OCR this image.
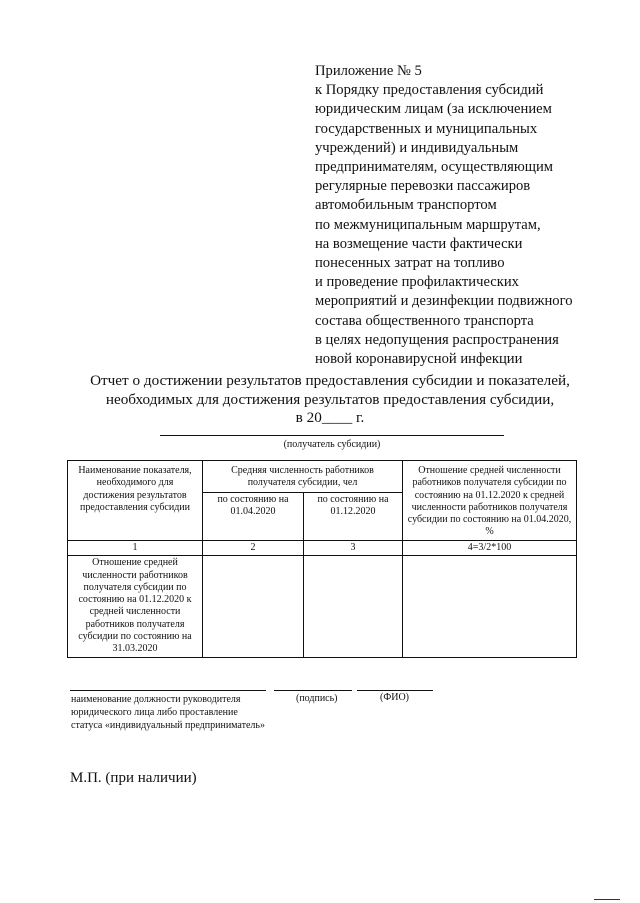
Приложение № 5
к Порядку предоставления субсидий
юридическим лицам (за исключением
государственных и муниципальных
учреждений) и индивидуальным
предпринимателям, осуществляющим
регулярные перевозки пассажиров
автомобильным транспортом
по межмуниципальным маршрутам,
на возмещение части фактически
понесенных затрат на топливо
и проведение профилактических
мероприятий и дезинфекции подвижного
состава общественного транспорта
в целях недопущения распространения
новой коронавирусной инфекции
Отчет о достижении результатов предоставления субсидии и показателей,
необходимых для достижения результатов предоставления субсидии,
в 20____ г.
(получатель субсидии)
Наименование показателя, необходимого для достижения результатов предоставления субсидии	Средняя численность работников получателя субсидии, чел		Отношение средней численности работников получателя субсидии по состоянию на 01.12.2020 к средней численности работников получателя субсидии по состоянию на 01.04.2020, %
	по состоянию на 01.04.2020	по состоянию на 01.12.2020	
1	2	3	4=3/2*100
Отношение средней численности работников получателя субсидии по состоянию на 01.12.2020 к средней численности работников получателя субсидии по состоянию на 31.03.2020			
наименование должности руководителя юридического лица либо проставление статуса «индивидуальный предприниматель»
(подпись)	(ФИО)
М.П. (при наличии)
